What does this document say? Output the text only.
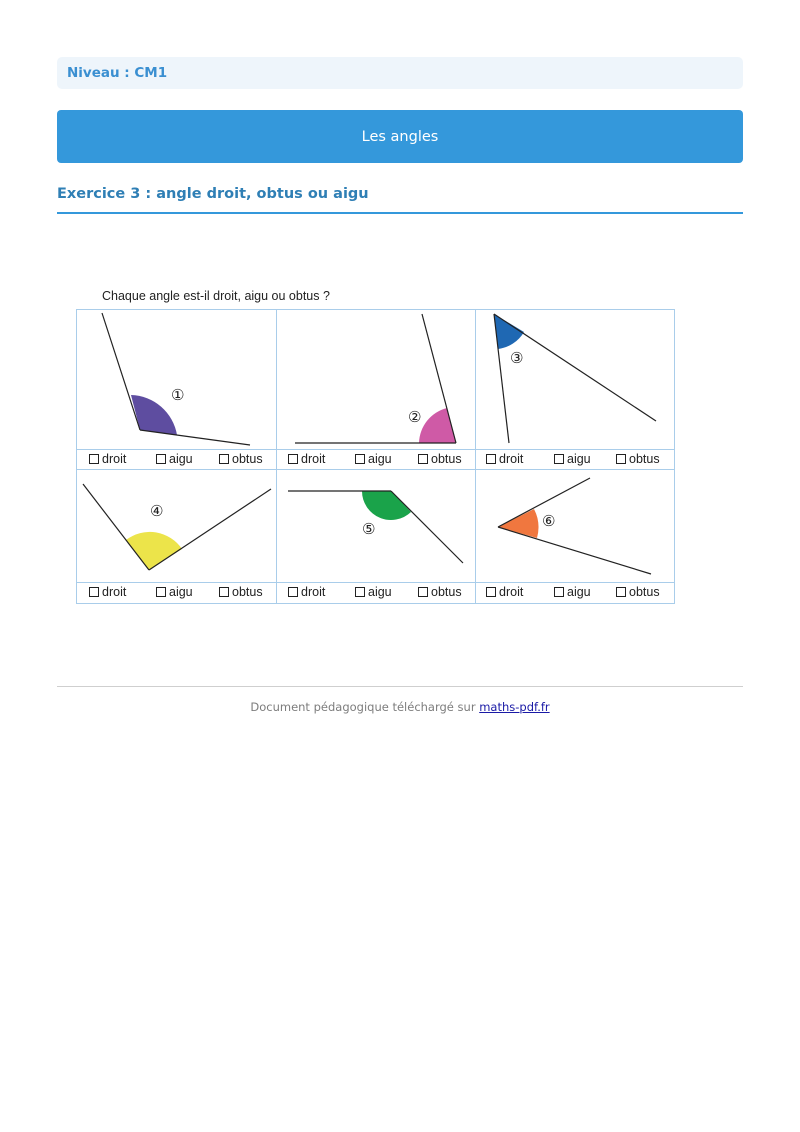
Niveau : CM1
Les angles
Exercice 3 : angle droit, obtus ou aigu
Chaque angle est-il droit, aigu ou obtus ?
①
droit	aigu	obtus
②
droit	aigu	obtus
③
droit	aigu	obtus
④
droit	aigu	obtus
⑤
droit	aigu	obtus
⑥
droit	aigu	obtus
Document pédagogique téléchargé sur maths-pdf.fr
